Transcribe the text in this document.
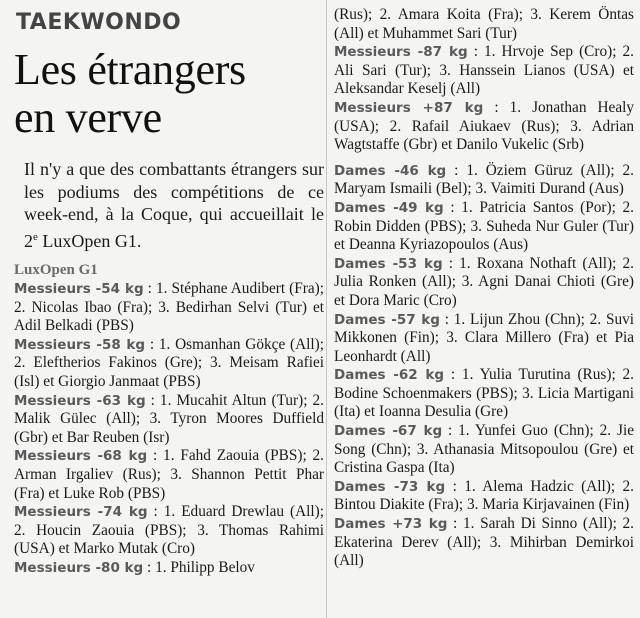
TAEKWONDO
Les étrangers
en verve

Il n'y a que des combattants étrangers sur les podiums des compétitions de ce week-end, à la Coque, qui accueillait le 2e LuxOpen G1.

LuxOpen G1

Messieurs -54 kg : 1. Stéphane Audibert (Fra); 2. Nicolas Ibao (Fra); 3. Bedirhan Selvi (Tur) et Adil Belkadi (PBS)

Messieurs -58 kg : 1. Osmanhan Gökçe (All); 2. Eleftherios Fakinos (Gre); 3. Meisam Rafiei (Isl) et Giorgio Janmaat (PBS)

Messieurs -63 kg : 1. Mucahit Altun (Tur); 2. Malik Gülec (All); 3. Tyron Moores Duffield (Gbr) et Bar Reuben (Isr)

Messieurs -68 kg : 1. Fahd Zaouia (PBS); 2. Arman Irgaliev (Rus); 3. Shannon Pettit Phar (Fra) et Luke Rob (PBS)

Messieurs -74 kg : 1. Eduard Drewlau (All); 2. Houcin Zaouia (PBS); 3. Thomas Rahimi (USA) et Marko Mutak (Cro)

Messieurs -80 kg : 1. Philipp Belov

(Rus); 2. Amara Koita (Fra); 3. Kerem Öntas (All) et Muhammet Sari (Tur)

Messieurs -87 kg : 1. Hrvoje Sep (Cro); 2. Ali Sari (Tur); 3. Hanssein Lianos (USA) et Aleksandar Keselj (All)

Messieurs +87 kg : 1. Jonathan Healy (USA); 2. Rafail Aiukaev (Rus); 3. Adrian Wagtstaffe (Gbr) et Danilo Vukelic (Srb)

Dames -46 kg : 1. Öziem Güruz (All); 2. Maryam Ismaili (Bel); 3. Vaimiti Durand (Aus)

Dames -49 kg : 1. Patricia Santos (Por); 2. Robin Didden (PBS); 3. Suheda Nur Guler (Tur) et Deanna Kyriazopoulos (Aus)

Dames -53 kg : 1. Roxana Nothaft (All); 2. Julia Ronken (All); 3. Agni Danai Chioti (Gre) et Dora Maric (Cro)

Dames -57 kg : 1. Lijun Zhou (Chn); 2. Suvi Mikkonen (Fin); 3. Clara Millero (Fra) et Pia Leonhardt (All)

Dames -62 kg : 1. Yulia Turutina (Rus); 2. Bodine Schoenmakers (PBS); 3. Licia Martigani (Ita) et Ioanna Desulia (Gre)

Dames -67 kg : 1. Yunfei Guo (Chn); 2. Jie Song (Chn); 3. Athanasia Mitsopoulou (Gre) et Cristina Gaspa (Ita)

Dames -73 kg : 1. Alema Hadzic (All); 2. Bintou Diakite (Fra); 3. Maria Kirjavainen (Fin)

Dames +73 kg : 1. Sarah Di Sinno (All); 2. Ekaterina Derev (All); 3. Mihirban Demirkoi (All)
